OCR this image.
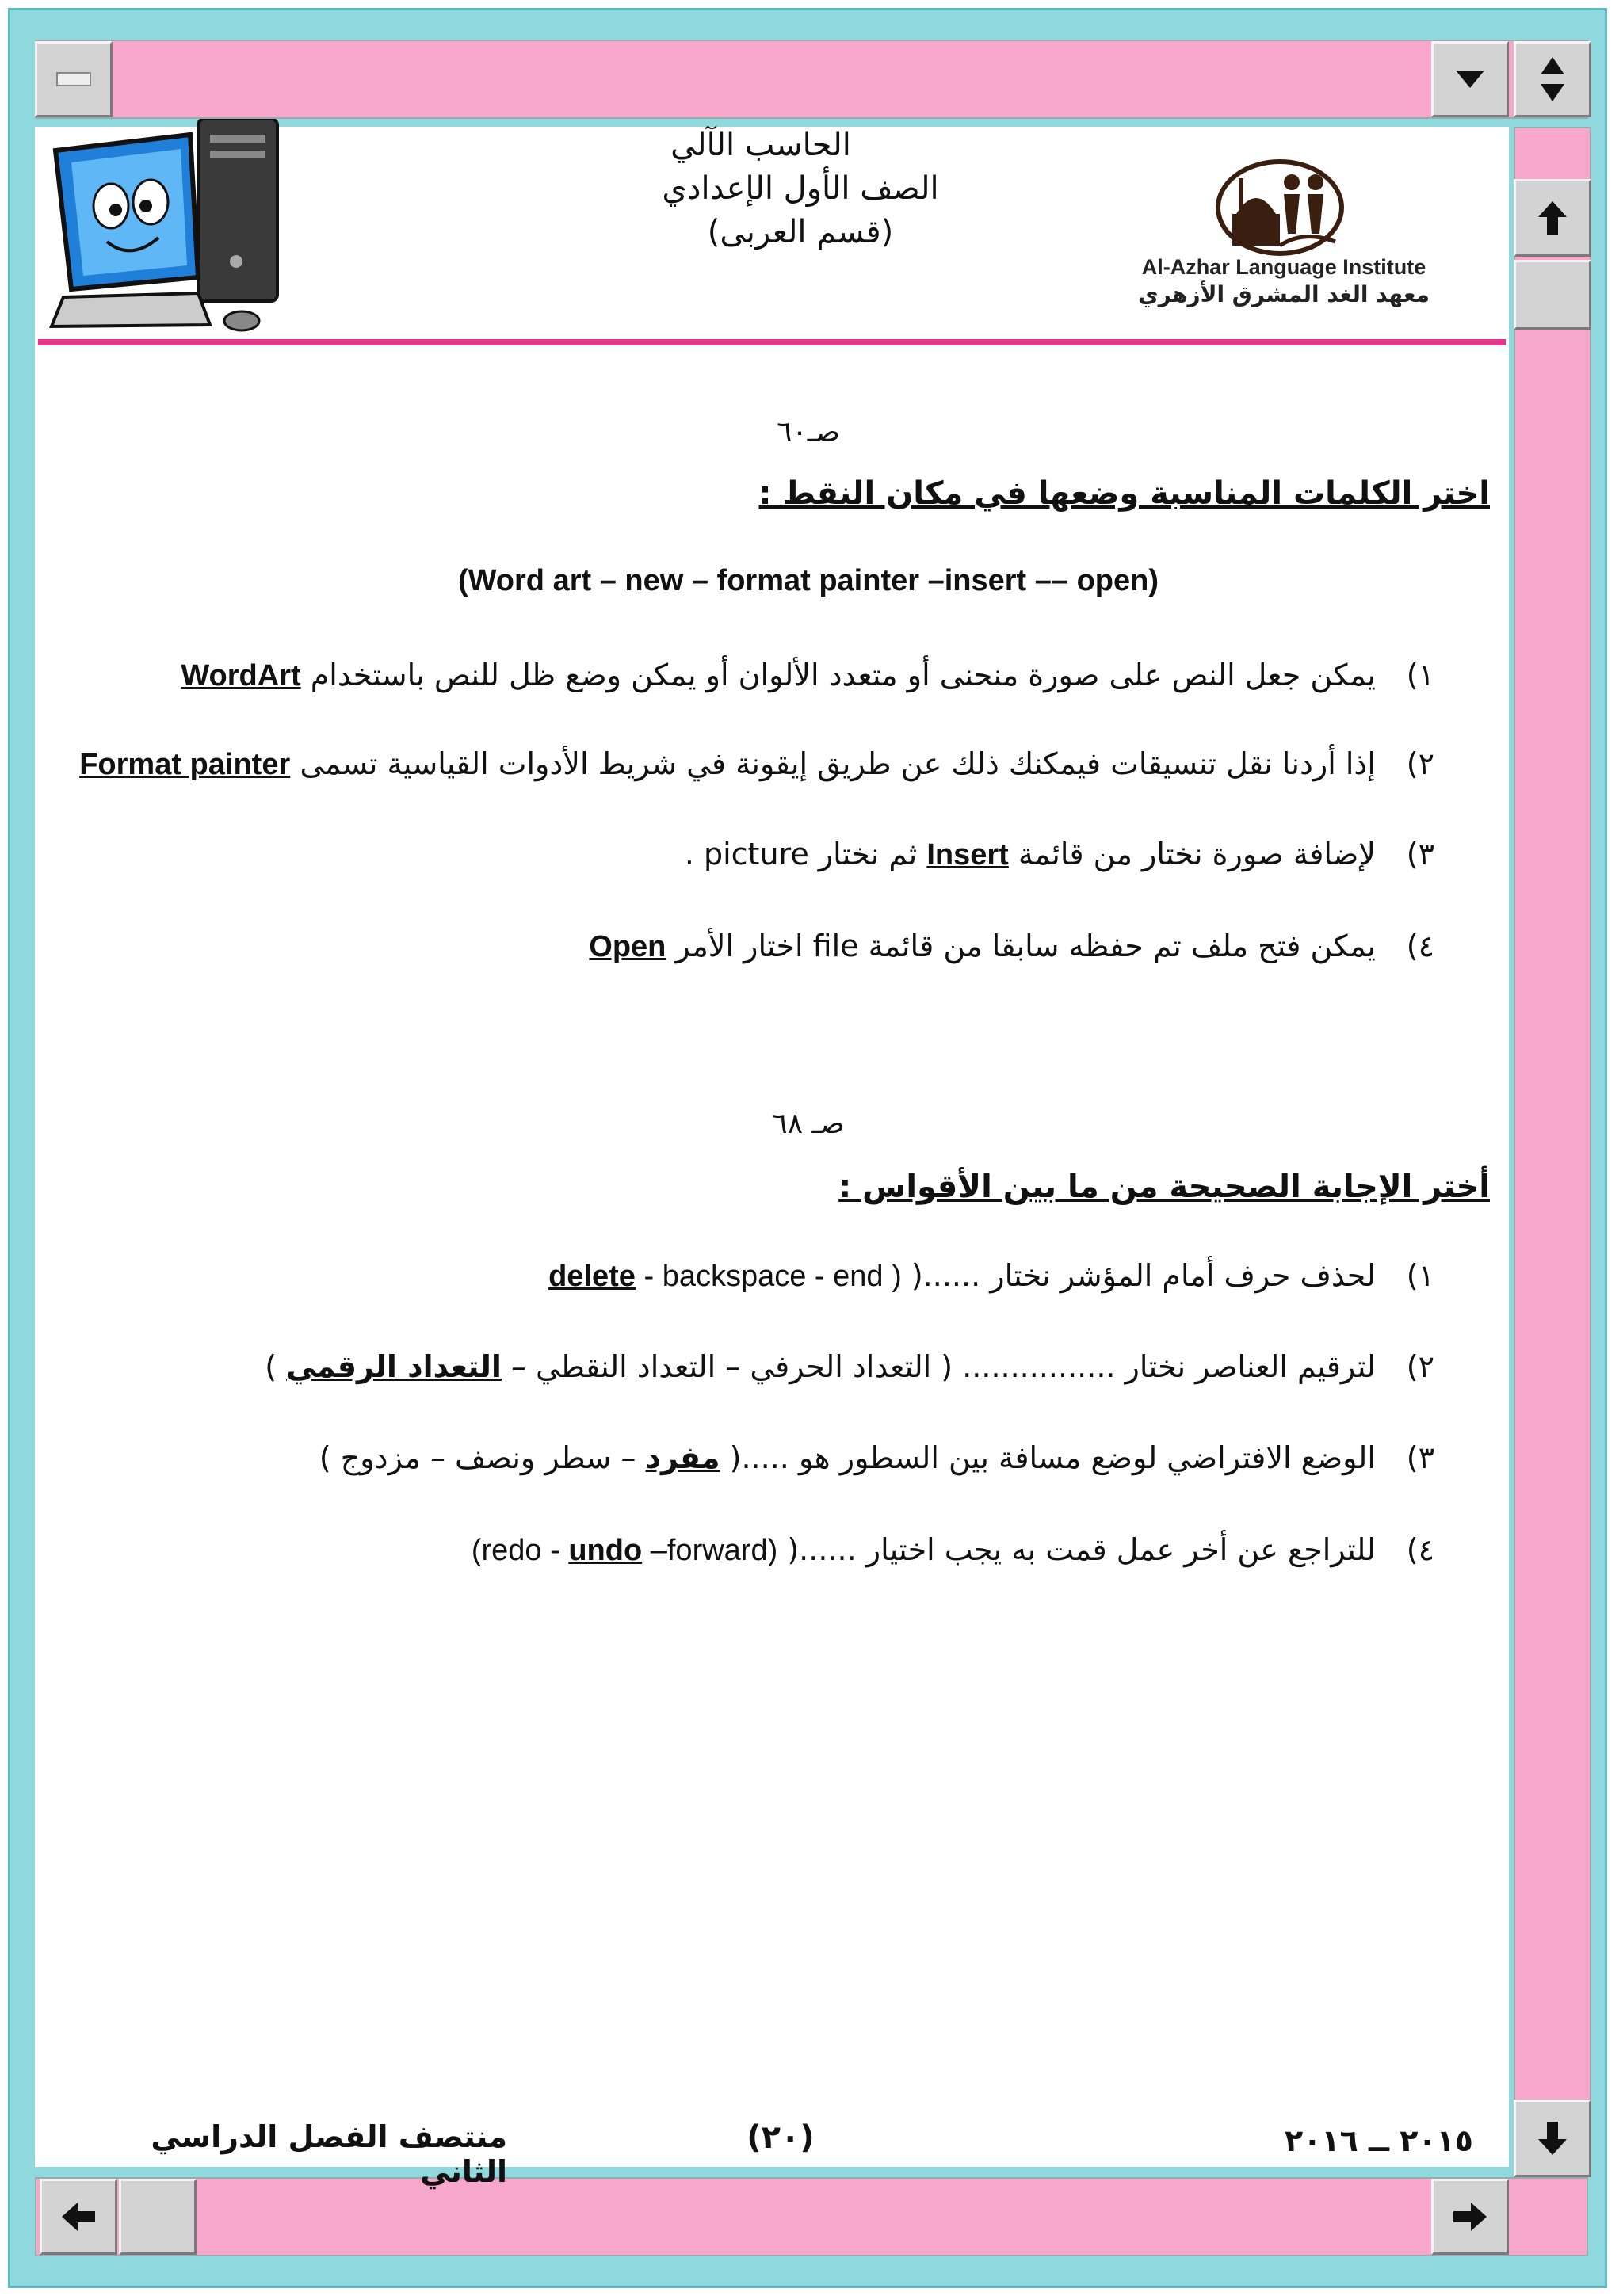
الحاسب الآلي
الصف الأول الإعدادي
(قسم العربى)
Al-Azhar Language Institute
معهد الغد المشرق الأزهري
صـ٦٠
اختر الكلمات المناسبة وضعها في مكان النقط :
(Word art – new – format painter –insert –– open)
١) يمكن جعل النص على صورة منحنى أو متعدد الألوان أو يمكن وضع ظل للنص باستخدام WordArt
٢) إذا أردنا نقل تنسيقات فيمكنك ذلك عن طريق إيقونة في شريط الأدوات القياسية تسمى Format painter
٣) لإضافة صورة نختار من قائمة Insert ثم نختار picture .
٤) يمكن فتح ملف تم حفظه سابقا من قائمة file اختار الأمر Open
صـ ٦٨
أختر الإجابة الصحيحة من ما بين الأقواس :
١) لحذف حرف أمام المؤشر نختار ......( delete - backspace - end )
٢) لترقيم العناصر نختار ................ ( التعداد الحرفي – التعداد النقطي – التعداد الرقمي )
٣) الوضع الافتراضي لوضع مسافة بين السطور هو .....( مفرد – سطر ونصف – مزدوج )
٤) للتراجع عن أخر عمل قمت به يجب اختيار ......( (redo - undo –forward)
منتصف الفصل الدراسي الثاني
(٢٠)	٢٠١٥ ــ ٢٠١٦
